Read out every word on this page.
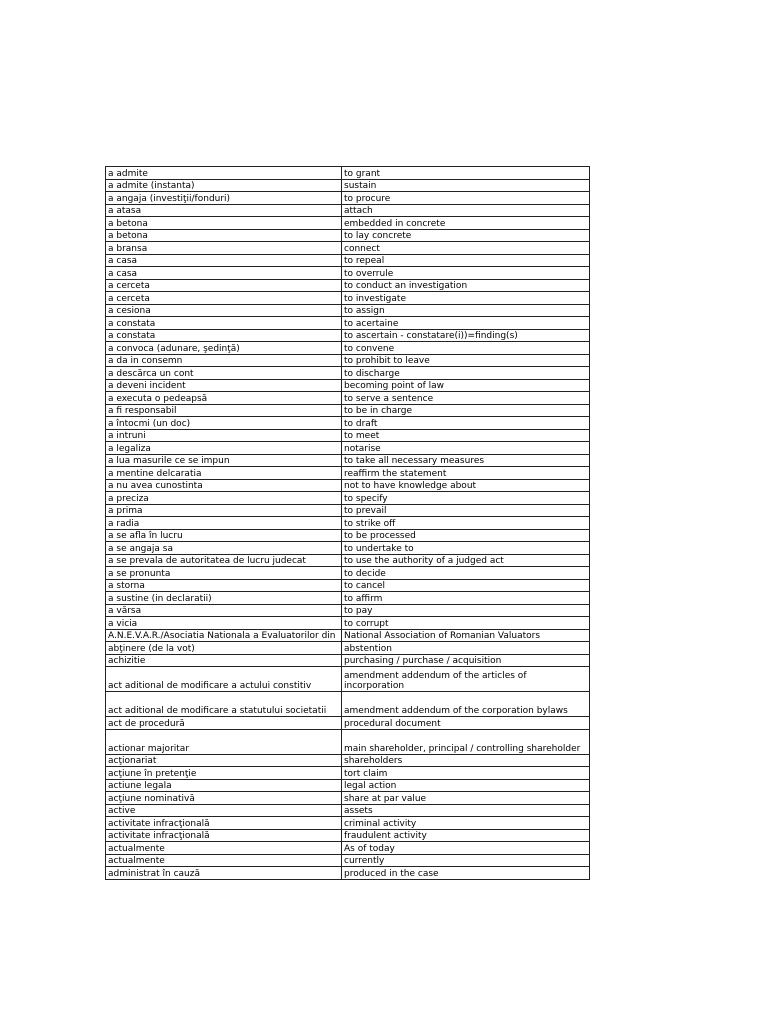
a admite	to grant
a admite (instanta)	sustain
a angaja (investiţii/fonduri)	to procure
a atasa	attach
a betona	embedded in concrete
a betona	to lay concrete
a bransa	connect
a casa	to repeal
a casa	to overrule
a cerceta	to conduct an investigation
a cerceta	to investigate
a cesiona	to assign
a constata	to acertaine
a constata	to ascertain - constatare(i))=finding(s)
a convoca (adunare, şedinţă)	to convene
a da in consemn	to prohibit to leave
a descărca un cont	to discharge
a deveni incident	becoming point of law
a executa o pedeapsă	to serve a sentence
a fi responsabil	to be in charge
a întocmi (un doc)	to draft
a intruni	to meet
a legaliza	notarise
a lua masurile ce se impun	to take all necessary measures
a mentine delcaratia	reaffirm the statement
a nu avea cunostinta	not to have knowledge about
a preciza	to specify
a prima	to prevail
a radia	to strike off
a se afla în lucru	to be processed
a se angaja sa	to undertake to
a se prevala de autoritatea de lucru judecat	to use the authority of a judged act
a se pronunta	to decide
a storna	to cancel
a sustine (in declaratii)	to affirm
a vărsa	to pay
a vicia	to corrupt
A.N.E.V.A.R./Asociatia Nationala a Evaluatorilor din	National Association of Romanian Valuators
abţinere (de la vot)	abstention
achizitie	purchasing / purchase / acquisition
act aditional de modificare a actului constitiv	amendment addendum of the articles of incorporation
act aditional de modificare a statutului societatii	amendment addendum of the corporation bylaws
act de procedură	procedural document
actionar majoritar	main shareholder, principal / controlling shareholder
acţionariat	shareholders
acţiune în pretenţie	tort claim
actiune legala	legal action
acţiune nominativă	share at par value
active	assets
activitate infracţională	criminal activity
activitate infracţională	fraudulent activity
actualmente	As of today
actualmente	currently
administrat în cauză	produced in the case
